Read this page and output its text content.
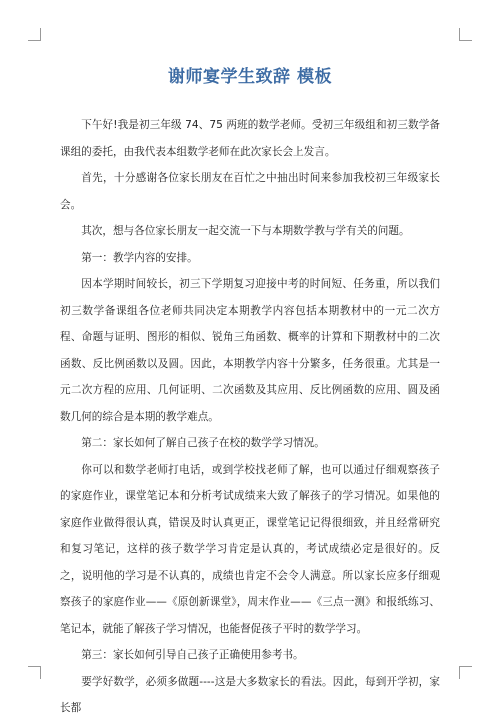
谢师宴学生致辞 模板

下午好!我是初三年级 74、75 两班的数学老师。受初三年级组和初三数学备课组的委托，由我代表本组数学老师在此次家长会上发言。

首先，十分感谢各位家长朋友在百忙之中抽出时间来参加我校初三年级家长会。

其次，想与各位家长朋友一起交流一下与本期数学教与学有关的问题。

第一：教学内容的安排。

因本学期时间较长，初三下学期复习迎接中考的时间短、任务重，所以我们初三数学备课组各位老师共同决定本期教学内容包括本期教材中的一元二次方程、命题与证明、图形的相似、锐角三角函数、概率的计算和下期教材中的二次函数、反比例函数以及圆。因此，本期教学内容十分繁多，任务很重。尤其是一元二次方程的应用、几何证明、二次函数及其应用、反比例函数的应用、圆及函数几何的综合是本期的教学难点。

第二：家长如何了解自己孩子在校的数学学习情况。

你可以和数学老师打电话，或到学校找老师了解，也可以通过仔细观察孩子的家庭作业，课堂笔记本和分析考试成绩来大致了解孩子的学习情况。如果他的家庭作业做得很认真，错误及时认真更正，课堂笔记记得很细致，并且经常研究和复习笔记，这样的孩子数学学习肯定是认真的，考试成绩必定是很好的。反之，说明他的学习是不认真的，成绩也肯定不会令人满意。所以家长应多仔细观察孩子的家庭作业——《原创新课堂》，周末作业——《三点一测》和报纸练习、笔记本，就能了解孩子学习情况，也能督促孩子平时的数学学习。

第三：家长如何引导自己孩子正确使用参考书。

要学好数学，必须多做题----这是大多数家长的看法。因此，每到开学初，家长都
